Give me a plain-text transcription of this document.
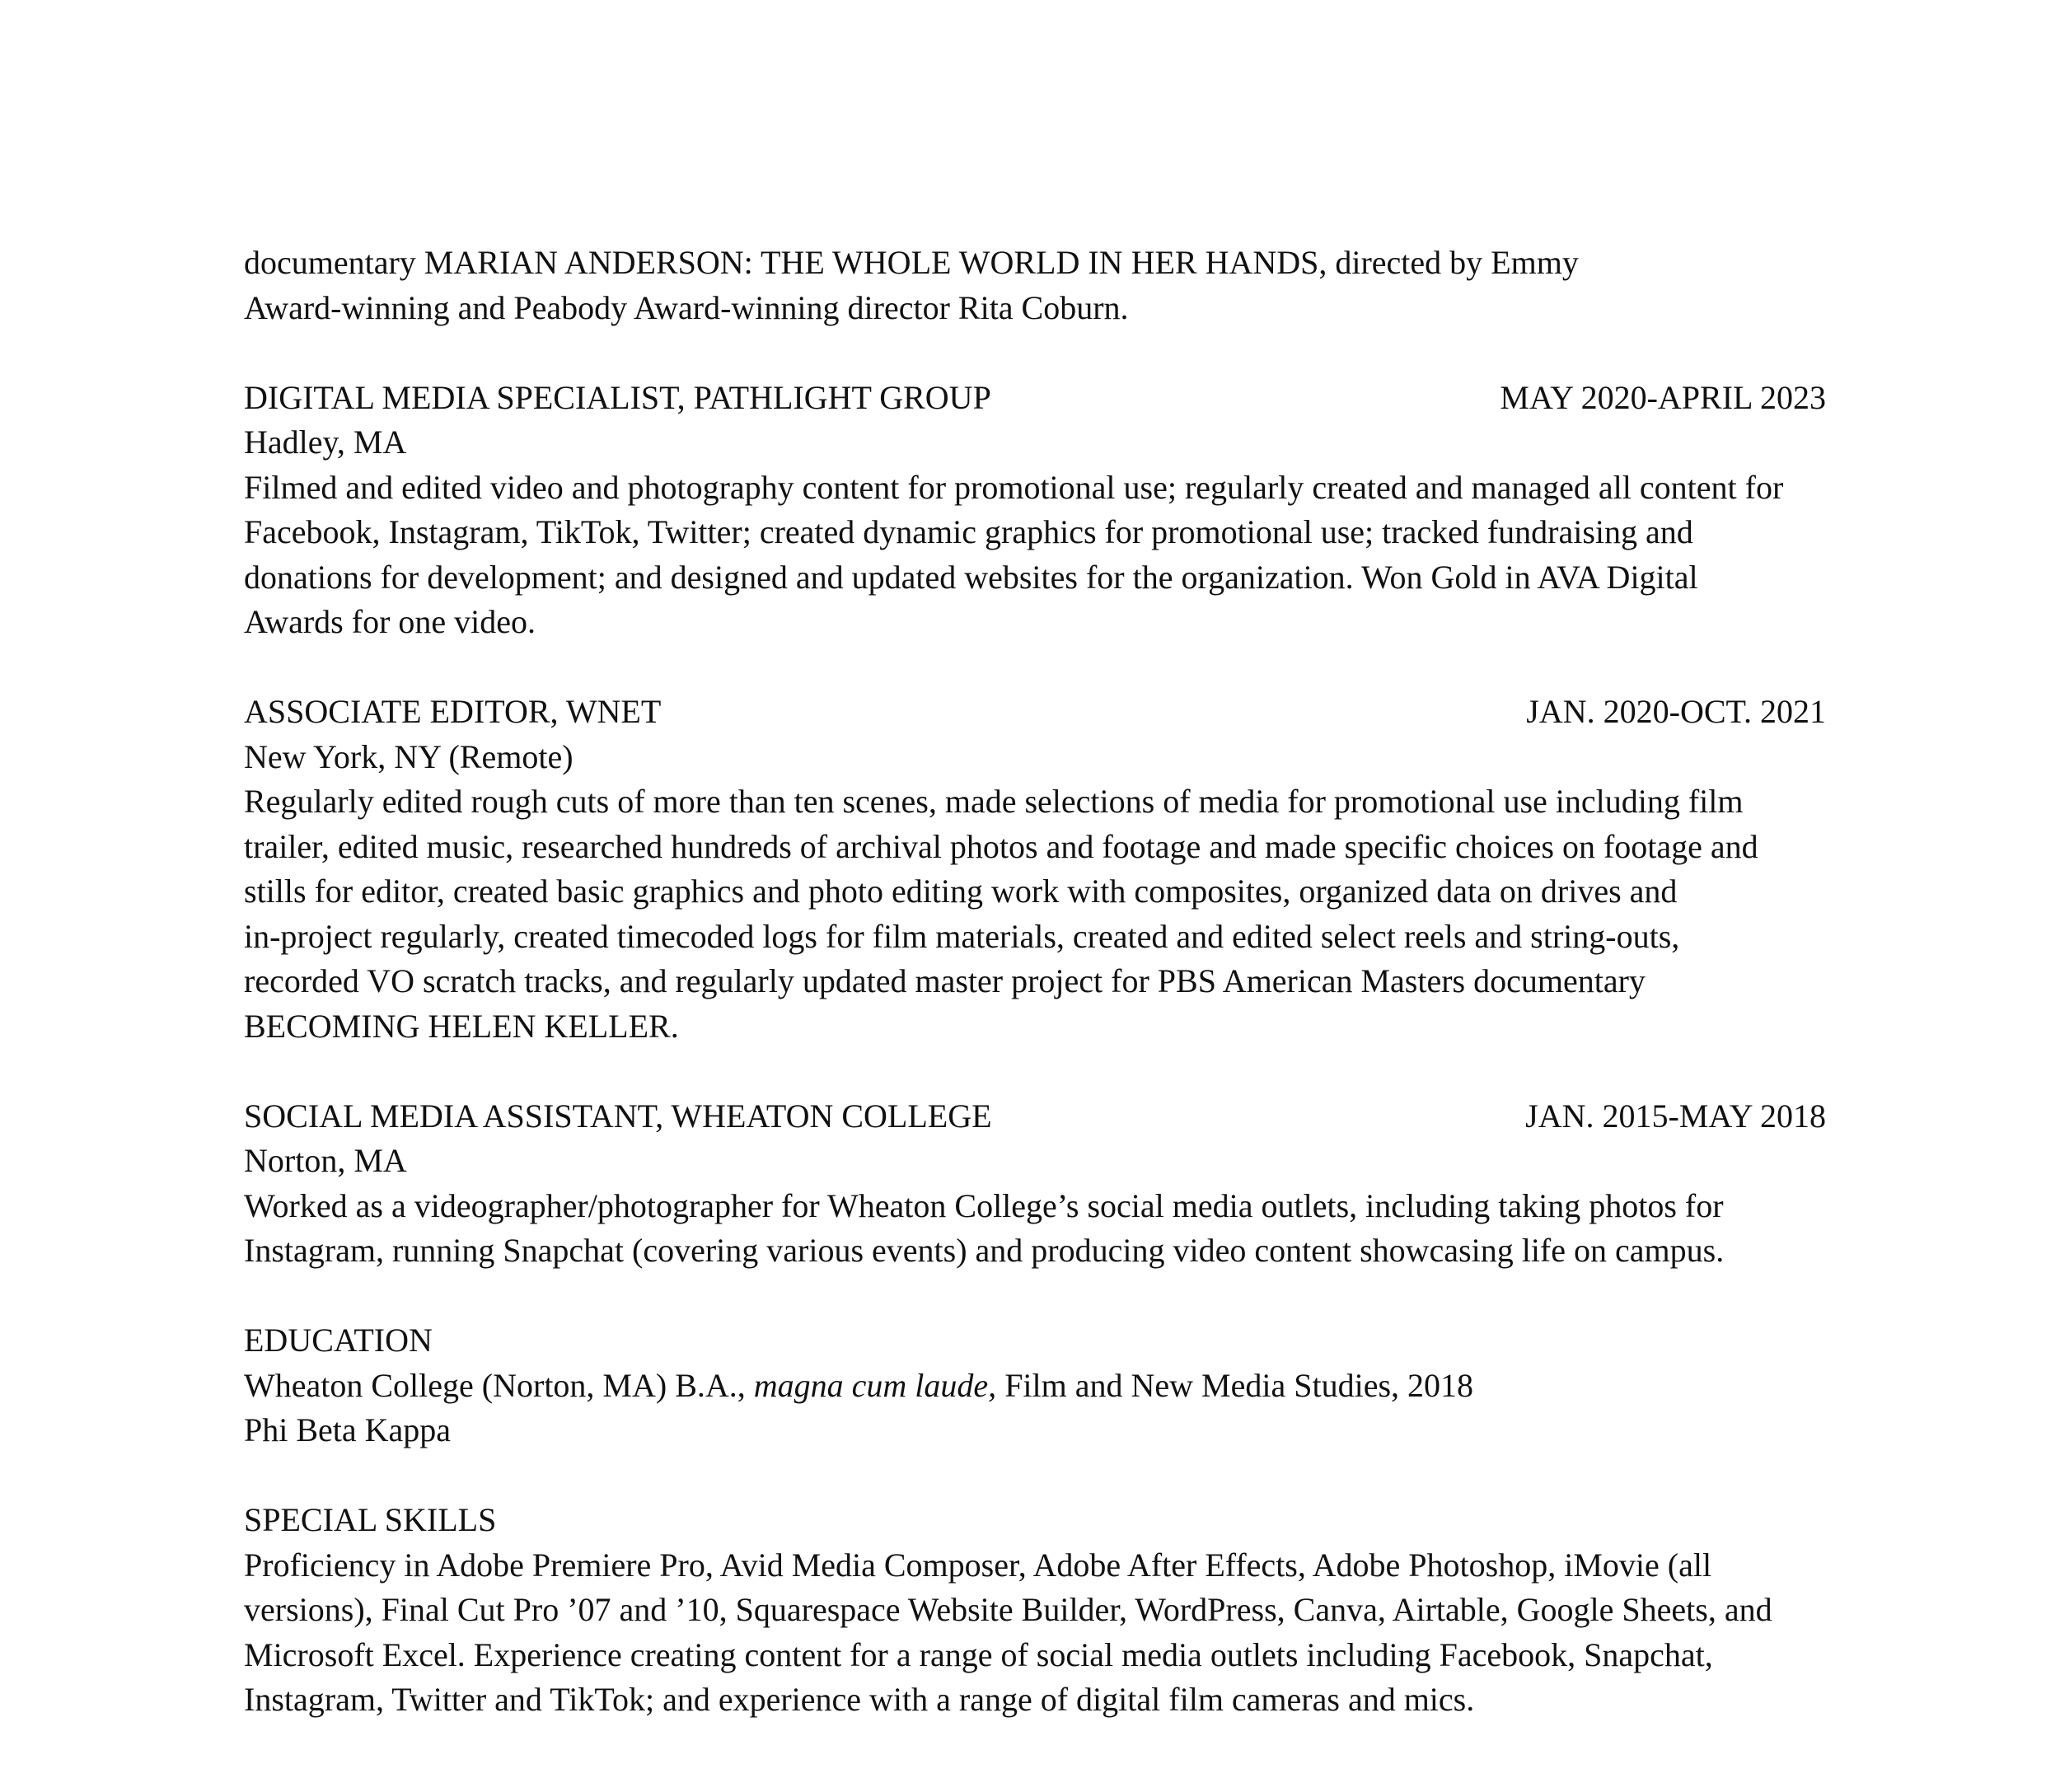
documentary MARIAN ANDERSON: THE WHOLE WORLD IN HER HANDS, directed by Emmy
Award-winning and Peabody Award-winning director Rita Coburn.
DIGITAL MEDIA SPECIALIST, PATHLIGHT GROUP	MAY 2020-APRIL 2023
Hadley, MA
Filmed and edited video and photography content for promotional use; regularly created and managed all content for
Facebook, Instagram, TikTok, Twitter; created dynamic graphics for promotional use; tracked fundraising and
donations for development; and designed and updated websites for the organization. Won Gold in AVA Digital
Awards for one video.
ASSOCIATE EDITOR, WNET	JAN. 2020-OCT. 2021
New York, NY (Remote)
Regularly edited rough cuts of more than ten scenes, made selections of media for promotional use including film
trailer, edited music, researched hundreds of archival photos and footage and made specific choices on footage and
stills for editor, created basic graphics and photo editing work with composites, organized data on drives and
in-project regularly, created timecoded logs for film materials, created and edited select reels and string-outs,
recorded VO scratch tracks, and regularly updated master project for PBS American Masters documentary
BECOMING HELEN KELLER.
SOCIAL MEDIA ASSISTANT, WHEATON COLLEGE	JAN. 2015-MAY 2018
Norton, MA
Worked as a videographer/photographer for Wheaton College’s social media outlets, including taking photos for
Instagram, running Snapchat (covering various events) and producing video content showcasing life on campus.
EDUCATION
Wheaton College (Norton, MA) B.A., magna cum laude, Film and New Media Studies, 2018
Phi Beta Kappa
SPECIAL SKILLS
Proficiency in Adobe Premiere Pro, Avid Media Composer, Adobe After Effects, Adobe Photoshop, iMovie (all
versions), Final Cut Pro ’07 and ’10, Squarespace Website Builder, WordPress, Canva, Airtable, Google Sheets, and
Microsoft Excel. Experience creating content for a range of social media outlets including Facebook, Snapchat,
Instagram, Twitter and TikTok; and experience with a range of digital film cameras and mics.
